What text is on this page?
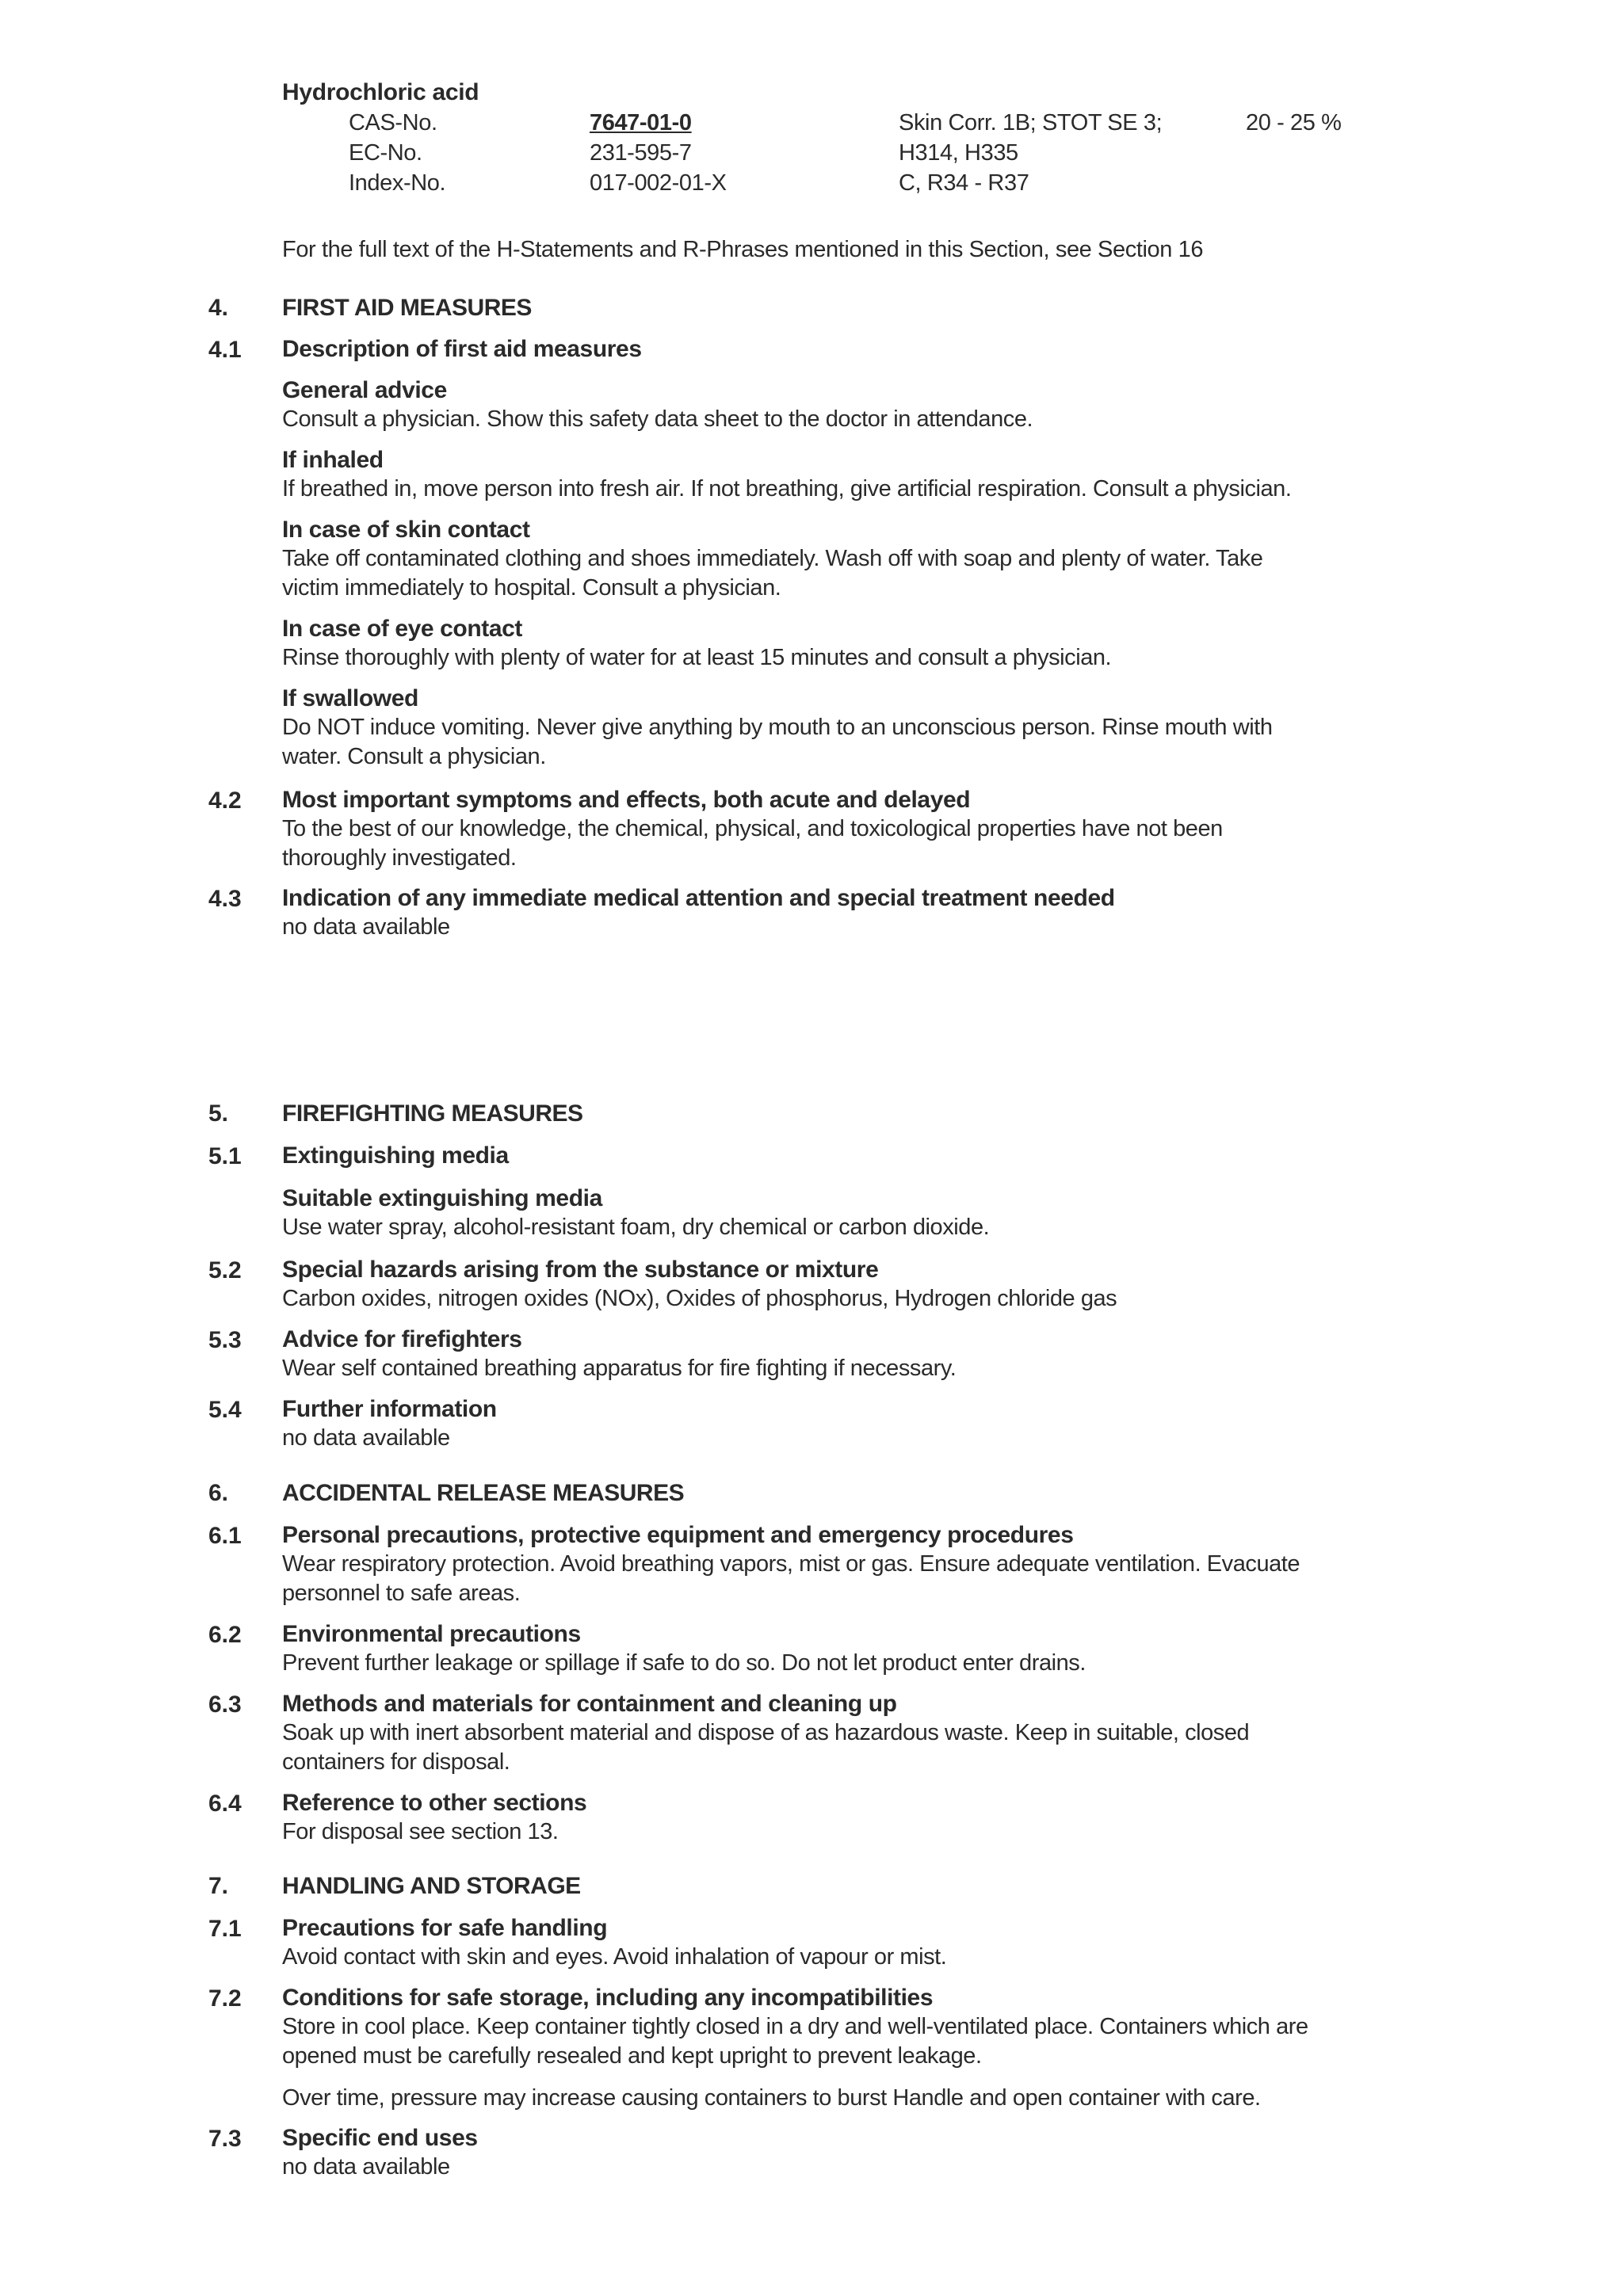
Hydrochloric acid
CAS-No.	7647-01-0	Skin Corr. 1B; STOT SE 3;	20 - 25 %
EC-No.	231-595-7	H314, H335
Index-No.	017-002-01-X	C, R34 - R37
For the full text of the H-Statements and R-Phrases mentioned in this Section, see Section 16
4. FIRST AID MEASURES
4.1 Description of first aid measures
General advice
Consult a physician. Show this safety data sheet to the doctor in attendance.
If inhaled
If breathed in, move person into fresh air. If not breathing, give artificial respiration. Consult a physician.
In case of skin contact
Take off contaminated clothing and shoes immediately. Wash off with soap and plenty of water. Take
victim immediately to hospital. Consult a physician.
In case of eye contact
Rinse thoroughly with plenty of water for at least 15 minutes and consult a physician.
If swallowed
Do NOT induce vomiting. Never give anything by mouth to an unconscious person. Rinse mouth with
water. Consult a physician.
4.2 Most important symptoms and effects, both acute and delayed
To the best of our knowledge, the chemical, physical, and toxicological properties have not been
thoroughly investigated.
4.3 Indication of any immediate medical attention and special treatment needed
no data available
5. FIREFIGHTING MEASURES
5.1 Extinguishing media
Suitable extinguishing media
Use water spray, alcohol-resistant foam, dry chemical or carbon dioxide.
5.2 Special hazards arising from the substance or mixture
Carbon oxides, nitrogen oxides (NOx), Oxides of phosphorus, Hydrogen chloride gas
5.3 Advice for firefighters
Wear self contained breathing apparatus for fire fighting if necessary.
5.4 Further information
no data available
6. ACCIDENTAL RELEASE MEASURES
6.1 Personal precautions, protective equipment and emergency procedures
Wear respiratory protection. Avoid breathing vapors, mist or gas. Ensure adequate ventilation. Evacuate
personnel to safe areas.
6.2 Environmental precautions
Prevent further leakage or spillage if safe to do so. Do not let product enter drains.
6.3 Methods and materials for containment and cleaning up
Soak up with inert absorbent material and dispose of as hazardous waste. Keep in suitable, closed
containers for disposal.
6.4 Reference to other sections
For disposal see section 13.
7. HANDLING AND STORAGE
7.1 Precautions for safe handling
Avoid contact with skin and eyes. Avoid inhalation of vapour or mist.
7.2 Conditions for safe storage, including any incompatibilities
Store in cool place. Keep container tightly closed in a dry and well-ventilated place. Containers which are
opened must be carefully resealed and kept upright to prevent leakage.
Over time, pressure may increase causing containers to burst Handle and open container with care.
7.3 Specific end uses
no data available
